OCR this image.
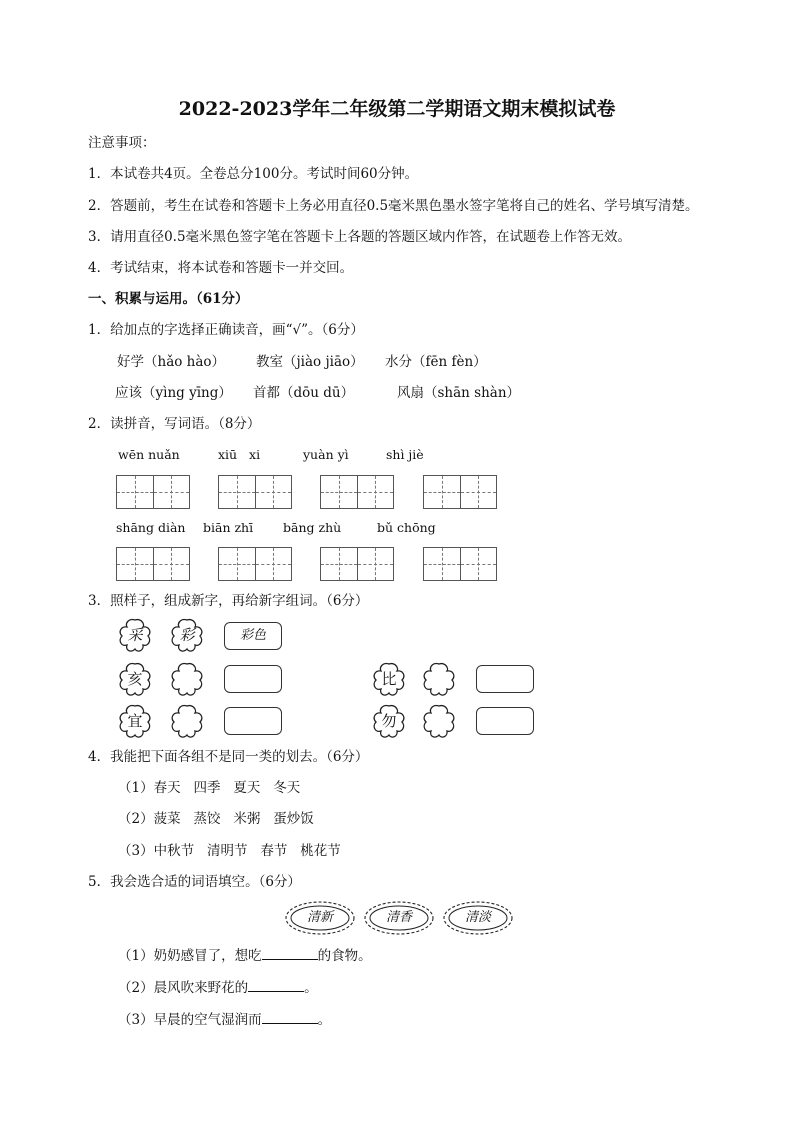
2022-2023学年二年级第二学期语文期末模拟试卷
注意事项：
1．本试卷共4页。全卷总分100分。考试时间60分钟。
2．答题前，考生在试卷和答题卡上务必用直径0.5毫米黑色墨水签字笔将自己的姓名、学号填写清楚。
3．请用直径0.5毫米黑色签字笔在答题卡上各题的答题区域内作答，在试题卷上作答无效。
4．考试结束，将本试卷和答题卡一并交回。
一、积累与运用。（61分）
1．给加点的字选择正确读音，画“√”。（6分）
好学（hǎo hào） 教室（jiào jiāo） 水分（fēn fèn）
应该（yìng yīng） 首都（dōu dū）	风扇（shān shàn）
2．读拼音，写词语。（8分）
wēn nuǎn	xiū   xi	yuàn yì	shì jiè
shāng diàn biān zhī bāng zhù	bǔ chōng
3．照样子，组成新字，再给新字组词。（6分）
采	彩	彩色
亥	比
宜	勿
4．我能把下面各组不是同一类的划去。（6分）
（1）春天   四季   夏天   冬天
（2）菠菜   蒸饺   米粥   蛋炒饭
（3）中秋节   清明节   春节   桃花节
5．我会选合适的词语填空。（6分）
清新	清香	清淡
（1）奶奶感冒了，想吃	的食物。
（2）晨风吹来野花的	。
（3）早晨的空气湿润而	。
